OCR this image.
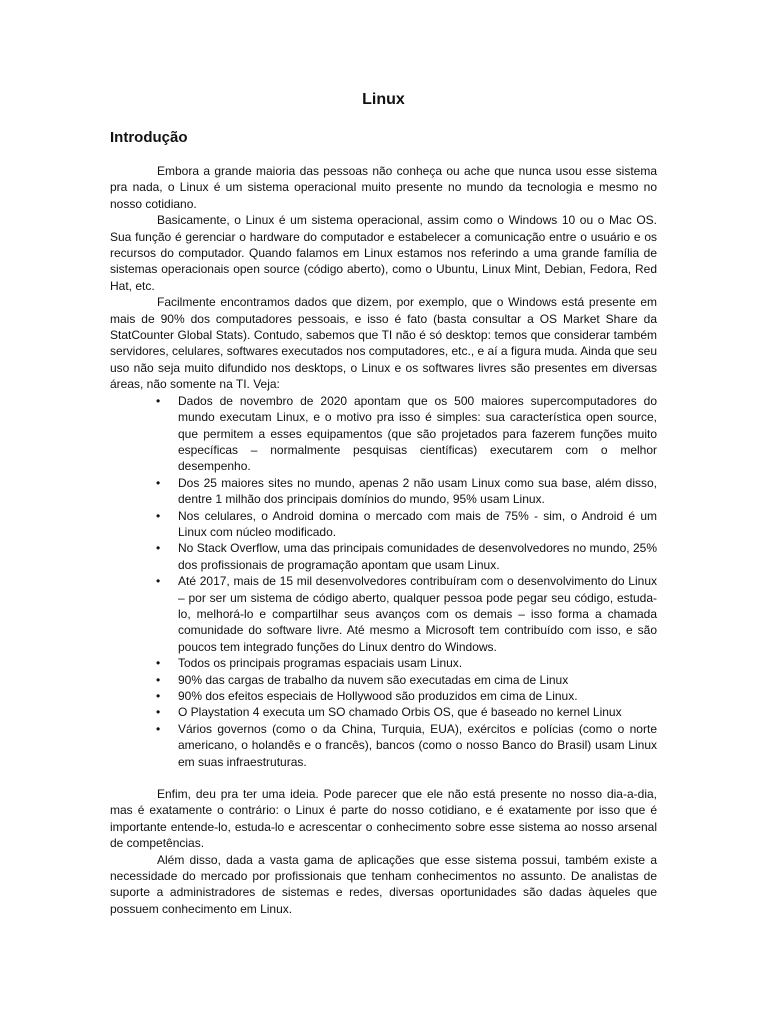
Linux
Introdução

Embora a grande maioria das pessoas não conheça ou ache que nunca usou esse sistema pra nada, o Linux é um sistema operacional muito presente no mundo da tecnologia e mesmo no nosso cotidiano.

Basicamente, o Linux é um sistema operacional, assim como o Windows 10 ou o Mac OS. Sua função é gerenciar o hardware do computador e estabelecer a comunicação entre o usuário e os recursos do computador. Quando falamos em Linux estamos nos referindo a uma grande família de sistemas operacionais open source (código aberto), como o Ubuntu, Linux Mint, Debian, Fedora, Red Hat, etc.

Facilmente encontramos dados que dizem, por exemplo, que o Windows está presente em mais de 90% dos computadores pessoais, e isso é fato (basta consultar a OS Market Share da StatCounter Global Stats). Contudo, sabemos que TI não é só desktop: temos que considerar também servidores, celulares, softwares executados nos computadores, etc., e aí a figura muda. Ainda que seu uso não seja muito difundido nos desktops, o Linux e os softwares livres são presentes em diversas áreas, não somente na TI. Veja:

• Dados de novembro de 2020 apontam que os 500 maiores supercomputadores do mundo executam Linux, e o motivo pra isso é simples: sua característica open source, que permitem a esses equipamentos (que são projetados para fazerem funções muito específicas – normalmente pesquisas científicas) executarem com o melhor desempenho.
• Dos 25 maiores sites no mundo, apenas 2 não usam Linux como sua base, além disso, dentre 1 milhão dos principais domínios do mundo, 95% usam Linux.
• Nos celulares, o Android domina o mercado com mais de 75% - sim, o Android é um Linux com núcleo modificado.
• No Stack Overflow, uma das principais comunidades de desenvolvedores no mundo, 25% dos profissionais de programação apontam que usam Linux.
• Até 2017, mais de 15 mil desenvolvedores contribuíram com o desenvolvimento do Linux – por ser um sistema de código aberto, qualquer pessoa pode pegar seu código, estuda-lo, melhorá-lo e compartilhar seus avanços com os demais – isso forma a chamada comunidade do software livre. Até mesmo a Microsoft tem contribuído com isso, e são poucos tem integrado funções do Linux dentro do Windows.
• Todos os principais programas espaciais usam Linux.
• 90% das cargas de trabalho da nuvem são executadas em cima de Linux
• 90% dos efeitos especiais de Hollywood são produzidos em cima de Linux.
• O Playstation 4 executa um SO chamado Orbis OS, que é baseado no kernel Linux
• Vários governos (como o da China, Turquia, EUA), exércitos e polícias (como o norte americano, o holandês e o francês), bancos (como o nosso Banco do Brasil) usam Linux em suas infraestruturas.

Enfim, deu pra ter uma ideia. Pode parecer que ele não está presente no nosso dia-a-dia, mas é exatamente o contrário: o Linux é parte do nosso cotidiano, e é exatamente por isso que é importante entende-lo, estuda-lo e acrescentar o conhecimento sobre esse sistema ao nosso arsenal de competências.

Além disso, dada a vasta gama de aplicações que esse sistema possui, também existe a necessidade do mercado por profissionais que tenham conhecimentos no assunto. De analistas de suporte a administradores de sistemas e redes, diversas oportunidades são dadas àqueles que possuem conhecimento em Linux.
